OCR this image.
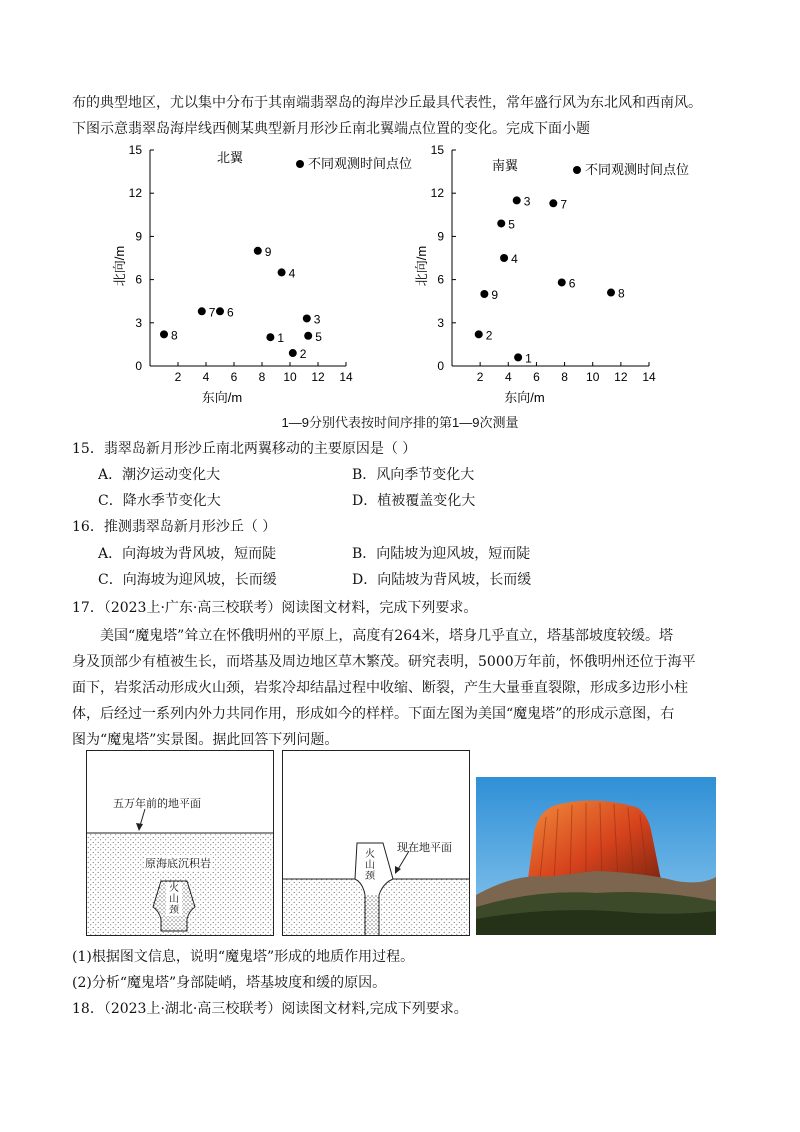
布的典型地区，尤以集中分布于其南端翡翠岛的海岸沙丘最具代表性，常年盛行风为东北风和西南风。
下图示意翡翠岛海岸线西侧某典型新月形沙丘南北翼端点位置的变化。完成下面小题
2 4 6 8 10 12 14
3
6
9
12
15
0
东向/m
北向/m
北翼	不同观测时间点位
1
2
3
4
5
6
7
8
9
2 4 6 8 10 12 14
3
6
9
12
15
0
东向/m
北向/m
南翼	不同观测时间点位
1
2
3
4
5
6
7
8
9
1—9分别代表按时间序排的第1—9次测量
15．翡翠岛新月形沙丘南北两翼移动的主要原因是（ ）
A．潮汐运动变化大	B．风向季节变化大
C．降水季节变化大	D．植被覆盖变化大
16．推测翡翠岛新月形沙丘（ ）
A．向海坡为背风坡，短而陡	B．向陆坡为迎风坡，短而陡
C．向海坡为迎风坡，长而缓	D．向陆坡为背风坡，长而缓
17．（2023上·广东·高三校联考）阅读图文材料，完成下列要求。
美国“魔鬼塔”耸立在怀俄明州的平原上，高度有264米，塔身几乎直立，塔基部坡度较缓。塔
身及顶部少有植被生长，而塔基及周边地区草木繁茂。研究表明，5000万年前，怀俄明州还位于海平
面下，岩浆活动形成火山颈，岩浆冷却结晶过程中收缩、断裂，产生大量垂直裂隙，形成多边形小柱
体，后经过一系列内外力共同作用，形成如今的样样。下面左图为美国“魔鬼塔”的形成示意图，右
图为“魔鬼塔”实景图。据此回答下列问题。
五万年前的地平面
原海底沉积岩
火
山
颈
火
山
颈
现在地平面
(1)根据图文信息，说明“魔鬼塔”形成的地质作用过程。
(2)分析“魔鬼塔”身部陡峭，塔基坡度和缓的原因。
18．（2023上·湖北·高三校联考）阅读图文材料,完成下列要求。
